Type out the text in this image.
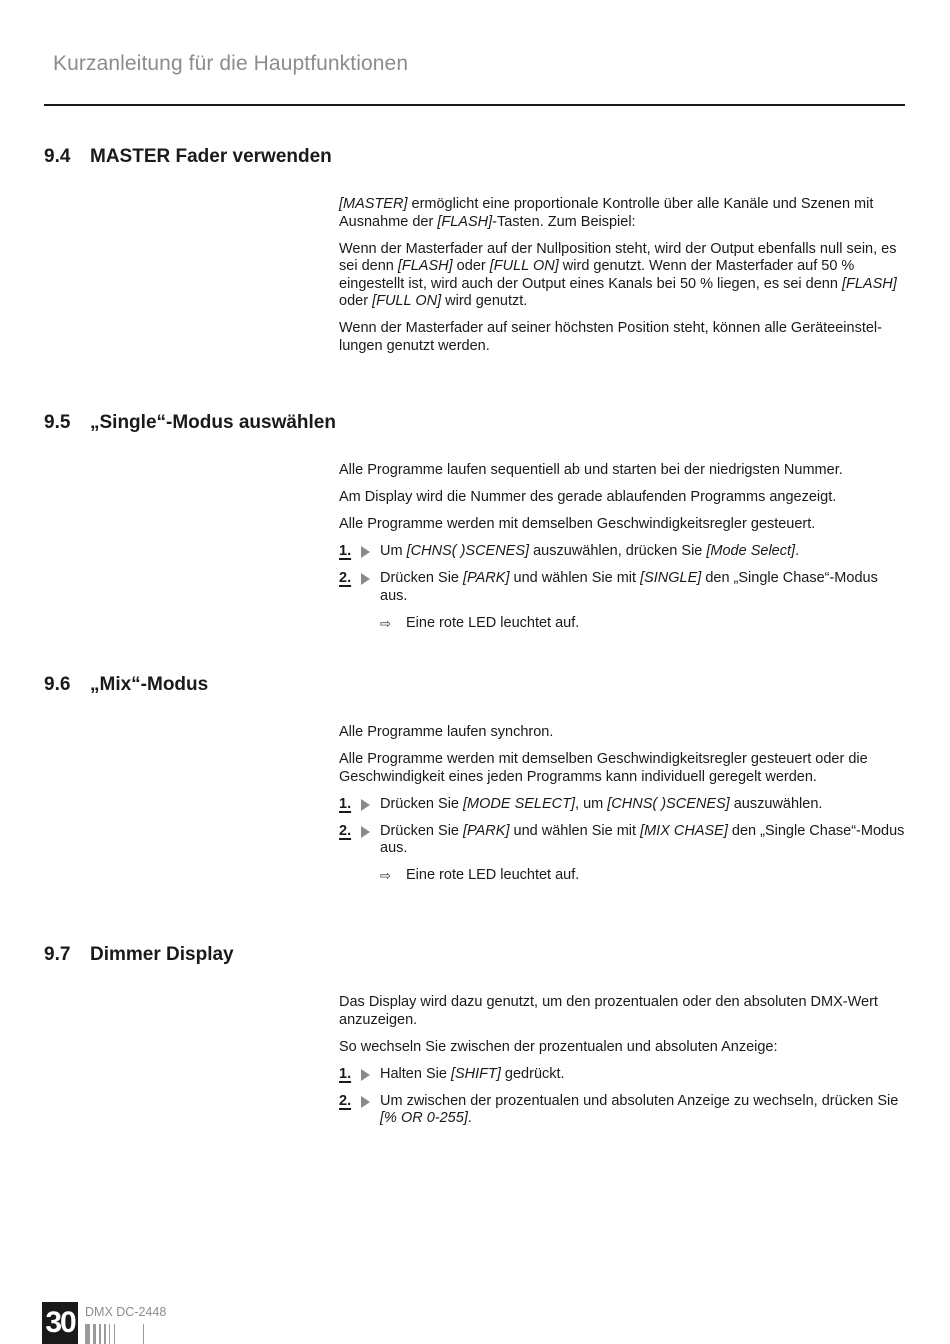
Kurzanleitung für die Hauptfunktionen
9.4 MASTER Fader verwenden

[MASTER] ermöglicht eine proportionale Kontrolle über alle Kanäle und Szenen mit Ausnahme der [FLASH]-Tasten. Zum Beispiel:

Wenn der Masterfader auf der Nullposition steht, wird der Output ebenfalls null sein, es sei denn [FLASH] oder [FULL ON] wird genutzt. Wenn der Masterfader auf 50 % eingestellt ist, wird auch der Output eines Kanals bei 50 % liegen, es sei denn [FLASH] oder [FULL ON] wird genutzt.

Wenn der Masterfader auf seiner höchsten Position steht, können alle Geräteeinstel-lungen genutzt werden.

9.5 „Single“-Modus auswählen

Alle Programme laufen sequentiell ab und starten bei der niedrigsten Nummer.

Am Display wird die Nummer des gerade ablaufenden Programms angezeigt.

Alle Programme werden mit demselben Geschwindigkeitsregler gesteuert.

1. Um [CHNS( )SCENES] auszuwählen, drücken Sie [Mode Select].
2. Drücken Sie [PARK] und wählen Sie mit [SINGLE] den „Single Chase“-Modus aus.
⇨ Eine rote LED leuchtet auf.
9.6 „Mix“-Modus

Alle Programme laufen synchron.

Alle Programme werden mit demselben Geschwindigkeitsregler gesteuert oder die Geschwindigkeit eines jeden Programms kann individuell geregelt werden.

1. Drücken Sie [MODE SELECT], um [CHNS( )SCENES] auszuwählen.
2. Drücken Sie [PARK] und wählen Sie mit [MIX CHASE] den „Single Chase“-Modus aus.
⇨ Eine rote LED leuchtet auf.
9.7 Dimmer Display

Das Display wird dazu genutzt, um den prozentualen oder den absoluten DMX-Wert anzuzeigen.

So wechseln Sie zwischen der prozentualen und absoluten Anzeige:

1. Halten Sie [SHIFT] gedrückt.
2. Um zwischen der prozentualen und absoluten Anzeige zu wechseln, drücken Sie [% OR 0-255].
30 DMX DC-2448
